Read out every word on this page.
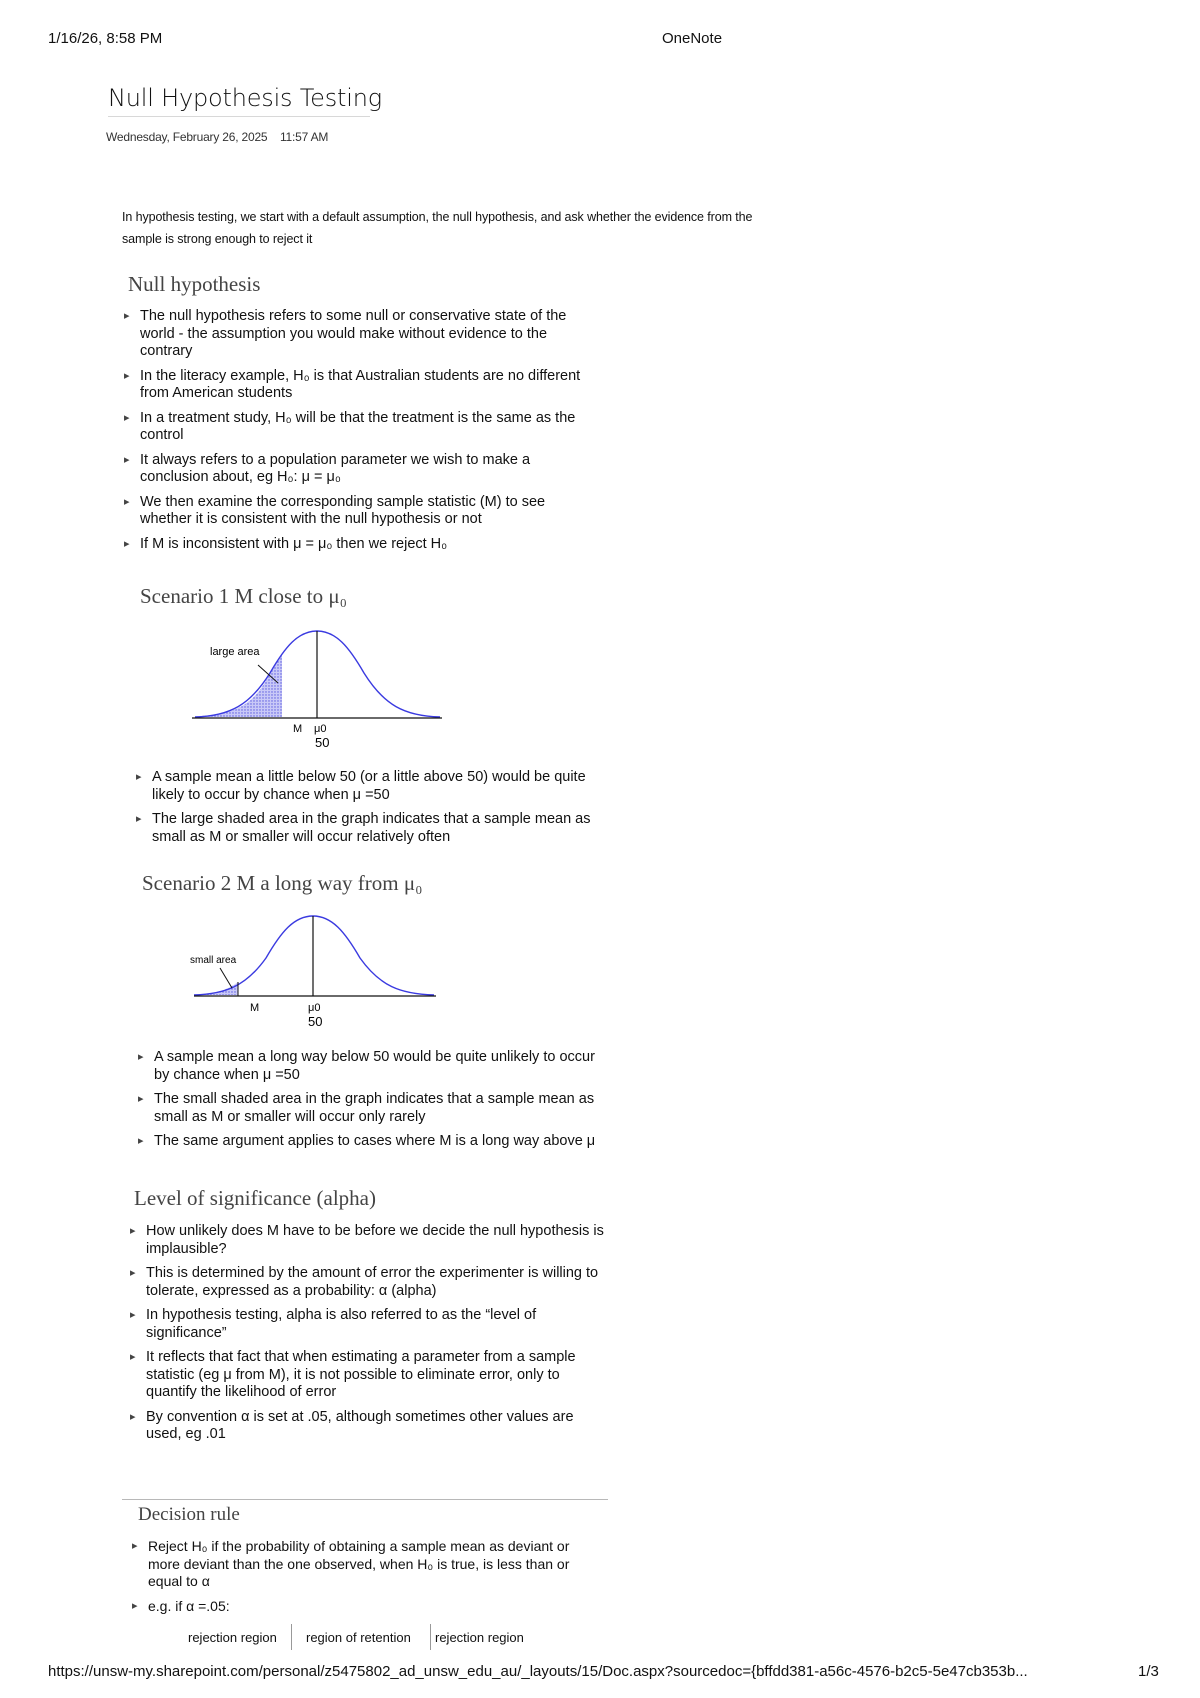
1/16/26, 8:58 PM	OneNote
Null Hypothesis Testing
Wednesday, February 26, 2025 11:57 AM
In hypothesis testing, we start with a default assumption, the null hypothesis, and ask whether the evidence from the sample is strong enough to reject it
Null hypothesis
▸ The null hypothesis refers to some null or conservative state of the world - the assumption you would make without evidence to the contrary
▸ In the literacy example, H₀ is that Australian students are no different from American students
▸ In a treatment study, H₀ will be that the treatment is the same as the control
▸ It always refers to a population parameter we wish to make a conclusion about, eg H₀: μ = μ₀
▸ We then examine the corresponding sample statistic (M) to see whether it is consistent with the null hypothesis or not
▸ If M is inconsistent with μ = μ₀ then we reject H₀
Scenario 1 M close to μ₀
large area
M μ0
50
▸ A sample mean a little below 50 (or a little above 50) would be quite likely to occur by chance when μ =50
▸ The large shaded area in the graph indicates that a sample mean as small as M or smaller will occur relatively often
Scenario 2 M a long way from μ₀
small area
M	μ0
50
▸ A sample mean a long way below 50 would be quite unlikely to occur by chance when μ =50
▸ The small shaded area in the graph indicates that a sample mean as small as M or smaller will occur only rarely
▸ The same argument applies to cases where M is a long way above μ
Level of significance (alpha)
▸ How unlikely does M have to be before we decide the null hypothesis is implausible?
▸ This is determined by the amount of error the experimenter is willing to tolerate, expressed as a probability: α (alpha)
▸ In hypothesis testing, alpha is also referred to as the “level of significance”
▸ It reflects that fact that when estimating a parameter from a sample statistic (eg μ from M), it is not possible to eliminate error, only to quantify the likelihood of error
▸ By convention α is set at .05, although sometimes other values are used, eg .01
Decision rule
▸ Reject H₀ if the probability of obtaining a sample mean as deviant or more deviant than the one observed, when H₀ is true, is less than or equal to α
▸ e.g. if α =.05:
rejection region region of retention rejection region
https://unsw-my.sharepoint.com/personal/z5475802_ad_unsw_edu_au/_layouts/15/Doc.aspx?sourcedoc={bffdd381-a56c-4576-b2c5-5e47cb353b...	1/3
